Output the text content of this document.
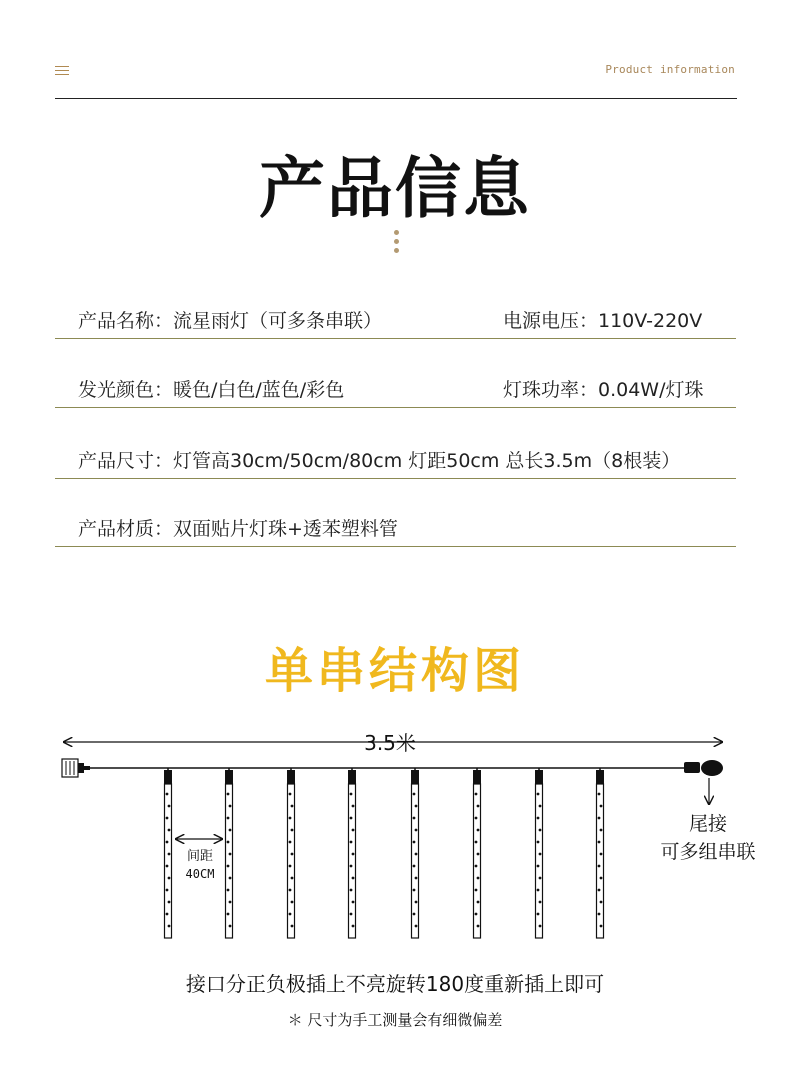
Product information
产品信息
产品名称：流星雨灯（可多条串联）	电源电压：110V-220V
发光颜色：暖色/白色/蓝色/彩色	灯珠功率：0.04W/灯珠
产品尺寸：灯管高30cm/50cm/80cm 灯距50cm 总长3.5m（8根装）
产品材质：双面贴片灯珠+透苯塑料管
单串结构图
3.5米
尾接
可多组串联
间距
40CM
接口分正负极插上不亮旋转180度重新插上即可
＊ 尺寸为手工测量会有细微偏差
